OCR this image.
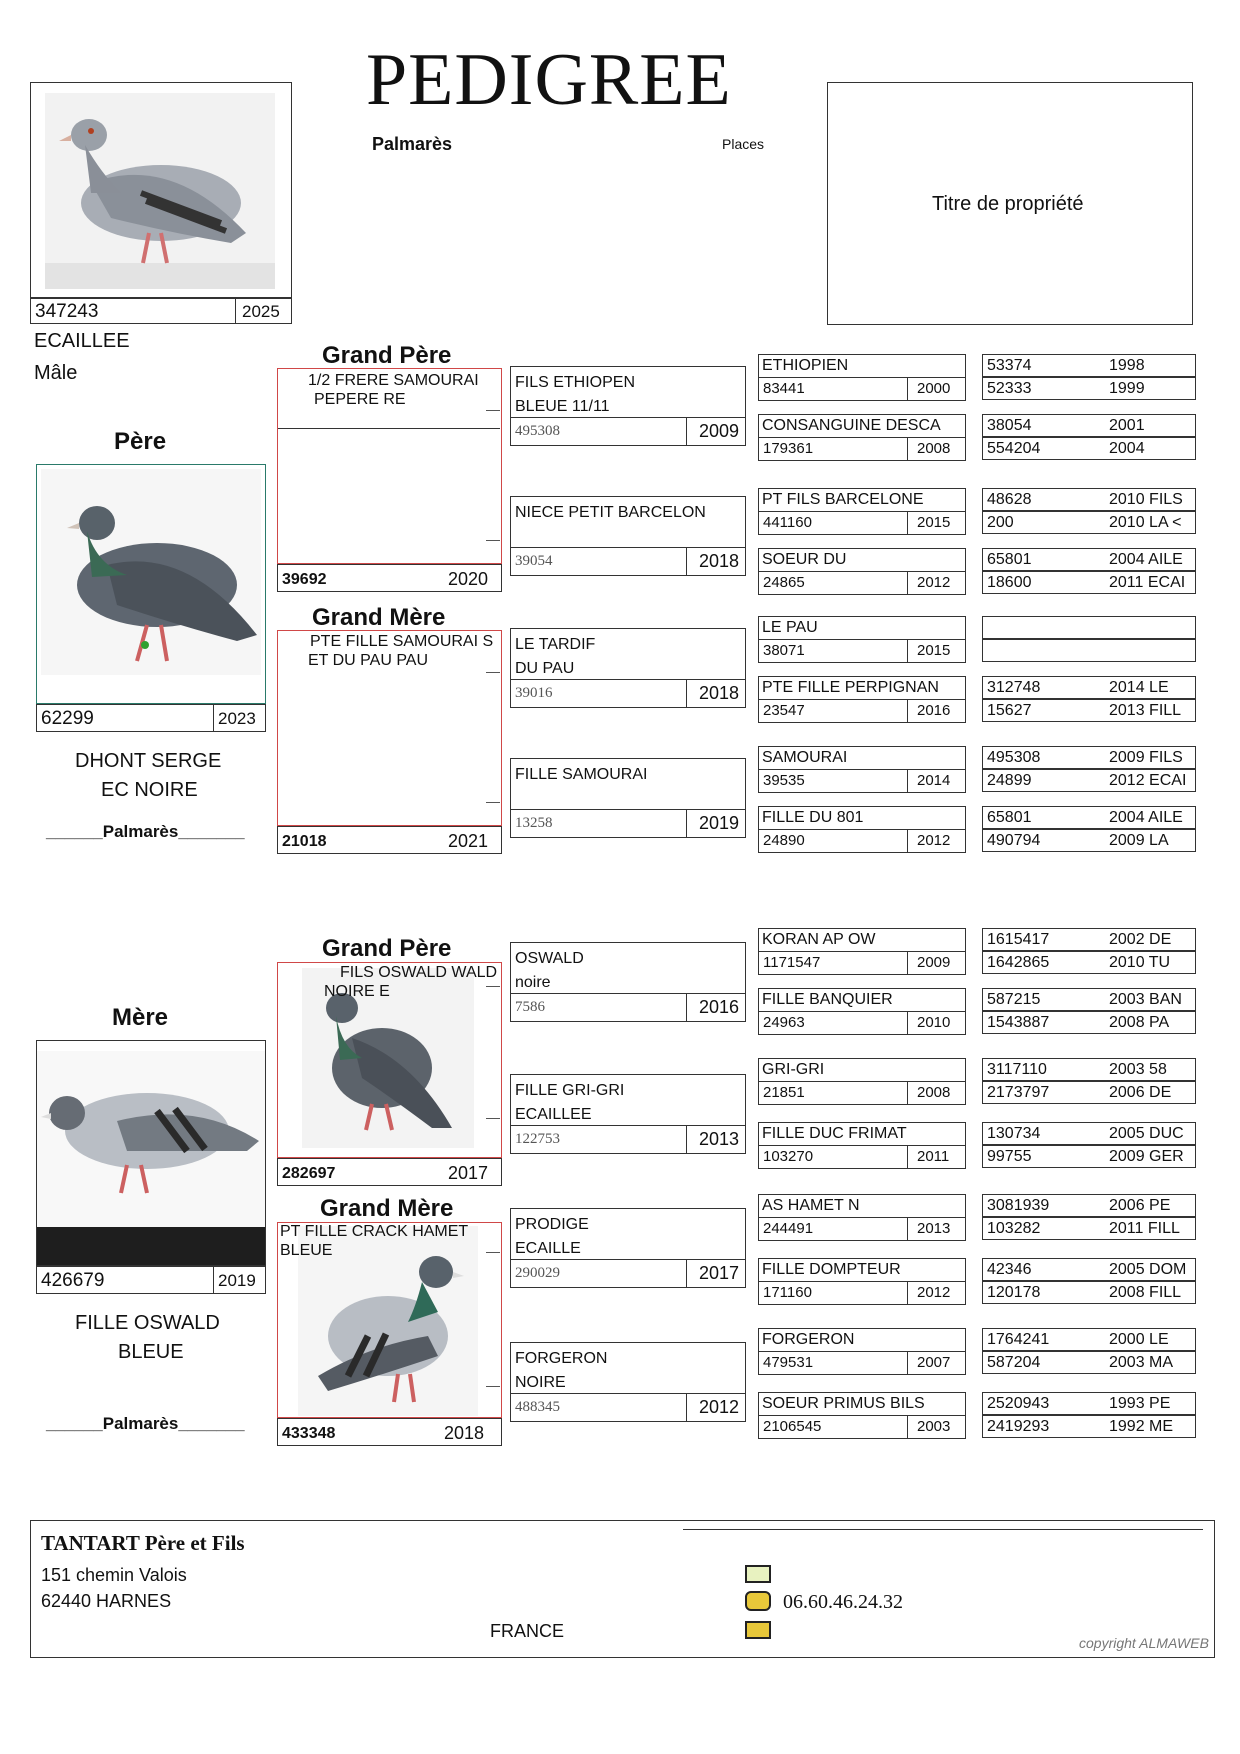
PEDIGREE
Palmarès	Places
347243	2025
ECAILLEE
Mâle
Titre de propriété
Père
62299	2023
DHONT SERGE
EC NOIRE
______Palmarès_______
Mère
426679	2019
FILLE OSWALD
BLEUE
______Palmarès_______
Grand Père
1/2 FRERE SAMOURAI
PEPERE RE
39692	2020
Grand Mère
PTE FILLE SAMOURAI S
ET DU PAU PAU
21018	2021
Grand Père
FILS OSWALD WALD
NOIRE E
282697	2017
Grand Mère
PT FILLE CRACK HAMET
BLEUE
433348	2018
FILS ETHIOPEN
BLEUE 11/11
495308	2009
NIECE PETIT BARCELON
39054	2018
LE TARDIF
DU PAU
39016	2018
FILLE SAMOURAI
13258	2019
OSWALD
noire
7586	2016
FILLE GRI-GRI
ECAILLEE
122753	2013
PRODIGE
ECAILLE
290029	2017
FORGERON
NOIRE
488345	2012
ETHIOPIEN
83441	2000
CONSANGUINE DESCA
179361	2008
PT FILS BARCELONE
441160	2015
SOEUR DU
24865	2012
LE PAU
38071	2015
PTE FILLE PERPIGNAN
23547	2016
SAMOURAI
39535	2014
FILLE DU 801
24890	2012
KORAN AP OW
1171547	2009
FILLE BANQUIER
24963	2010
GRI-GRI
21851	2008
FILLE DUC FRIMAT
103270	2011
AS HAMET N
244491	2013
FILLE DOMPTEUR
171160	2012
FORGERON
479531	2007
SOEUR PRIMUS BILS
2106545	2003
53374	1998
52333	1999
38054	2001
554204	2004
48628	2010 FILS
200	2010 LA <
65801	2004 AILE
18600	2011 ECAI
312748	2014 LE
15627	2013 FILL
495308	2009 FILS
24899	2012 ECAI
65801	2004 AILE
490794	2009 LA
1615417	2002 DE
1642865	2010 TU
587215	2003 BAN
1543887	2008 PA
3117110	2003 58
2173797	2006 DE
130734	2005 DUC
99755	2009 GER
3081939	2006 PE
103282	2011 FILL
42346	2005 DOM
120178	2008 FILL
1764241	2000 LE
587204	2003 MA
2520943	1993 PE
2419293	1992 ME
TANTART Père et Fils
151 chemin Valois
62440 HARNES
FRANCE
06.60.46.24.32
copyright ALMAWEB
